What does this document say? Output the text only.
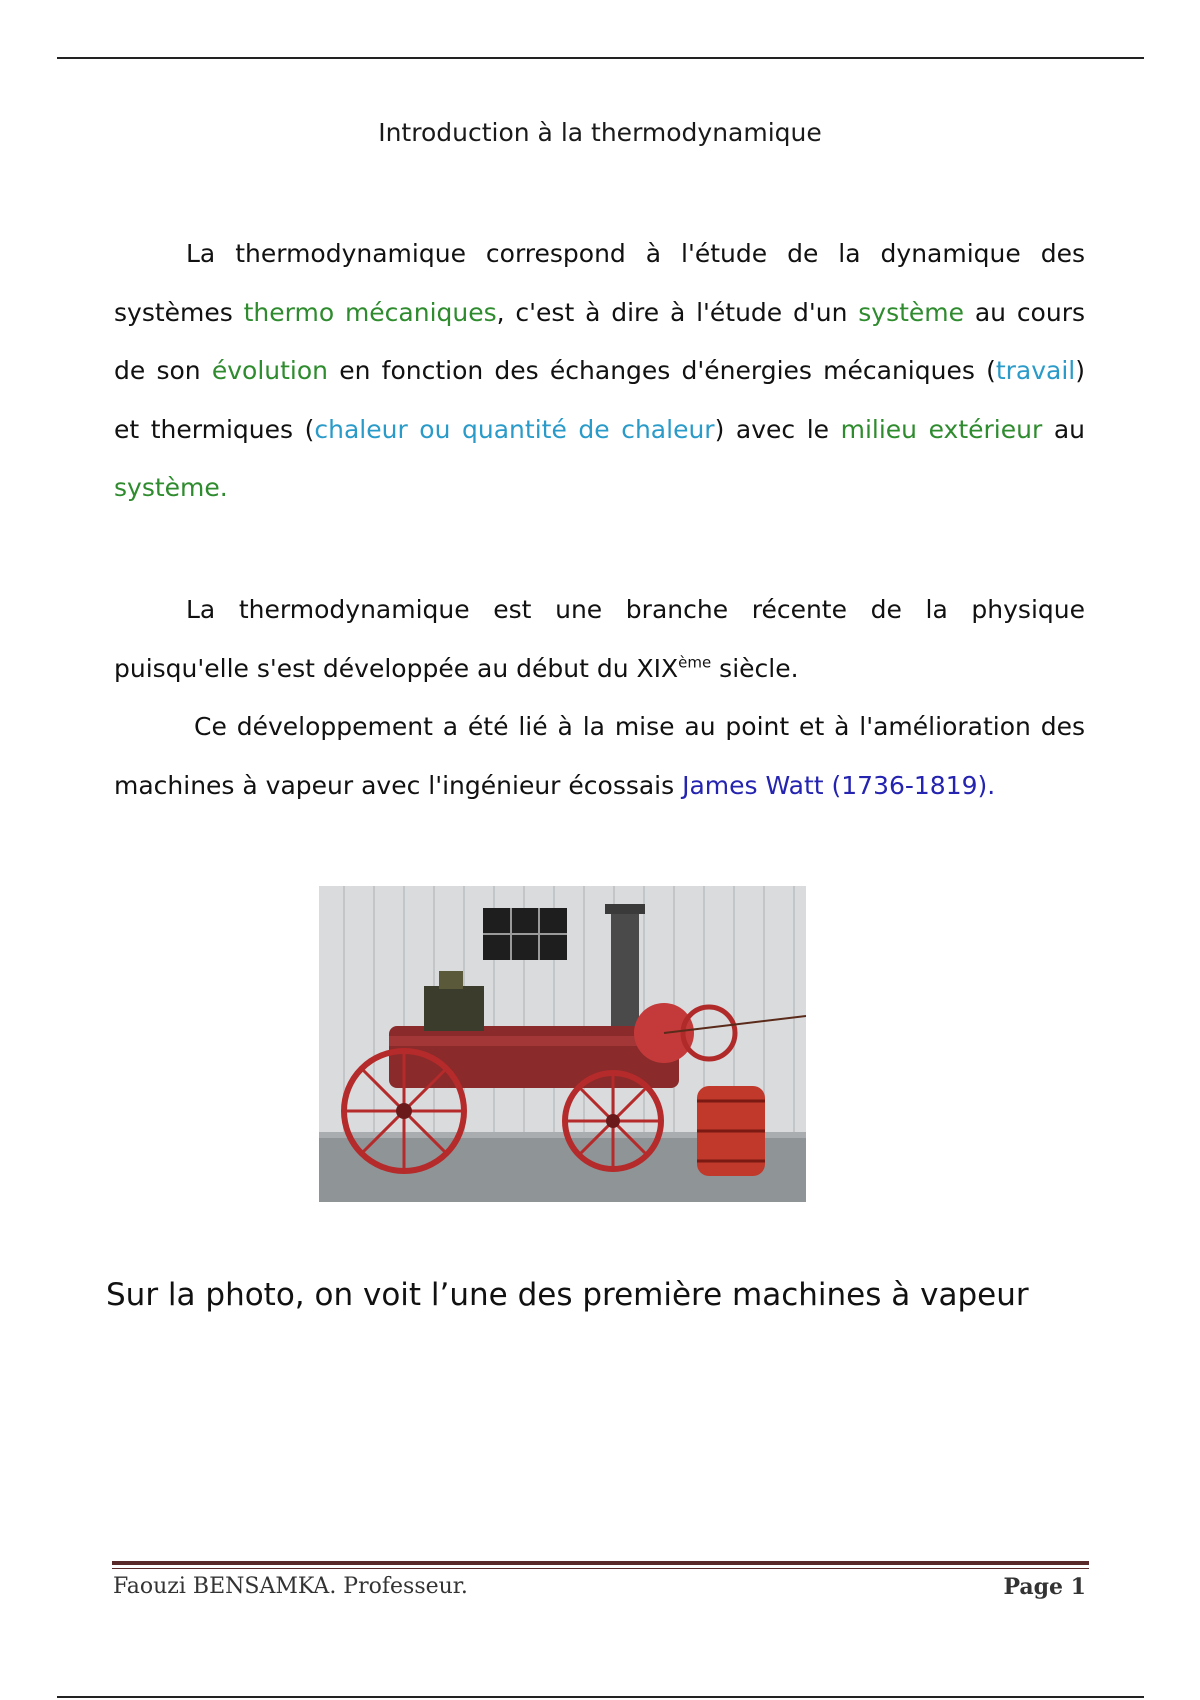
Introduction à la thermodynamique

La thermodynamique correspond à l'étude de la dynamique des systèmes thermo mécaniques, c'est à dire à l'étude d'un système au cours de son évolution en fonction des échanges d'énergies mécaniques (travail) et thermiques (chaleur ou quantité de chaleur) avec le milieu extérieur au système.

La thermodynamique est une branche récente de la physique puisqu'elle s'est développée au début du XIXème siècle.

Ce développement a été lié à la mise au point et à l'amélioration des machines à vapeur avec l'ingénieur écossais James Watt (1736-1819).

Sur la photo, on voit l’une des première machines à vapeur
Faouzi BENSAMKA. Professeur.	Page 1
